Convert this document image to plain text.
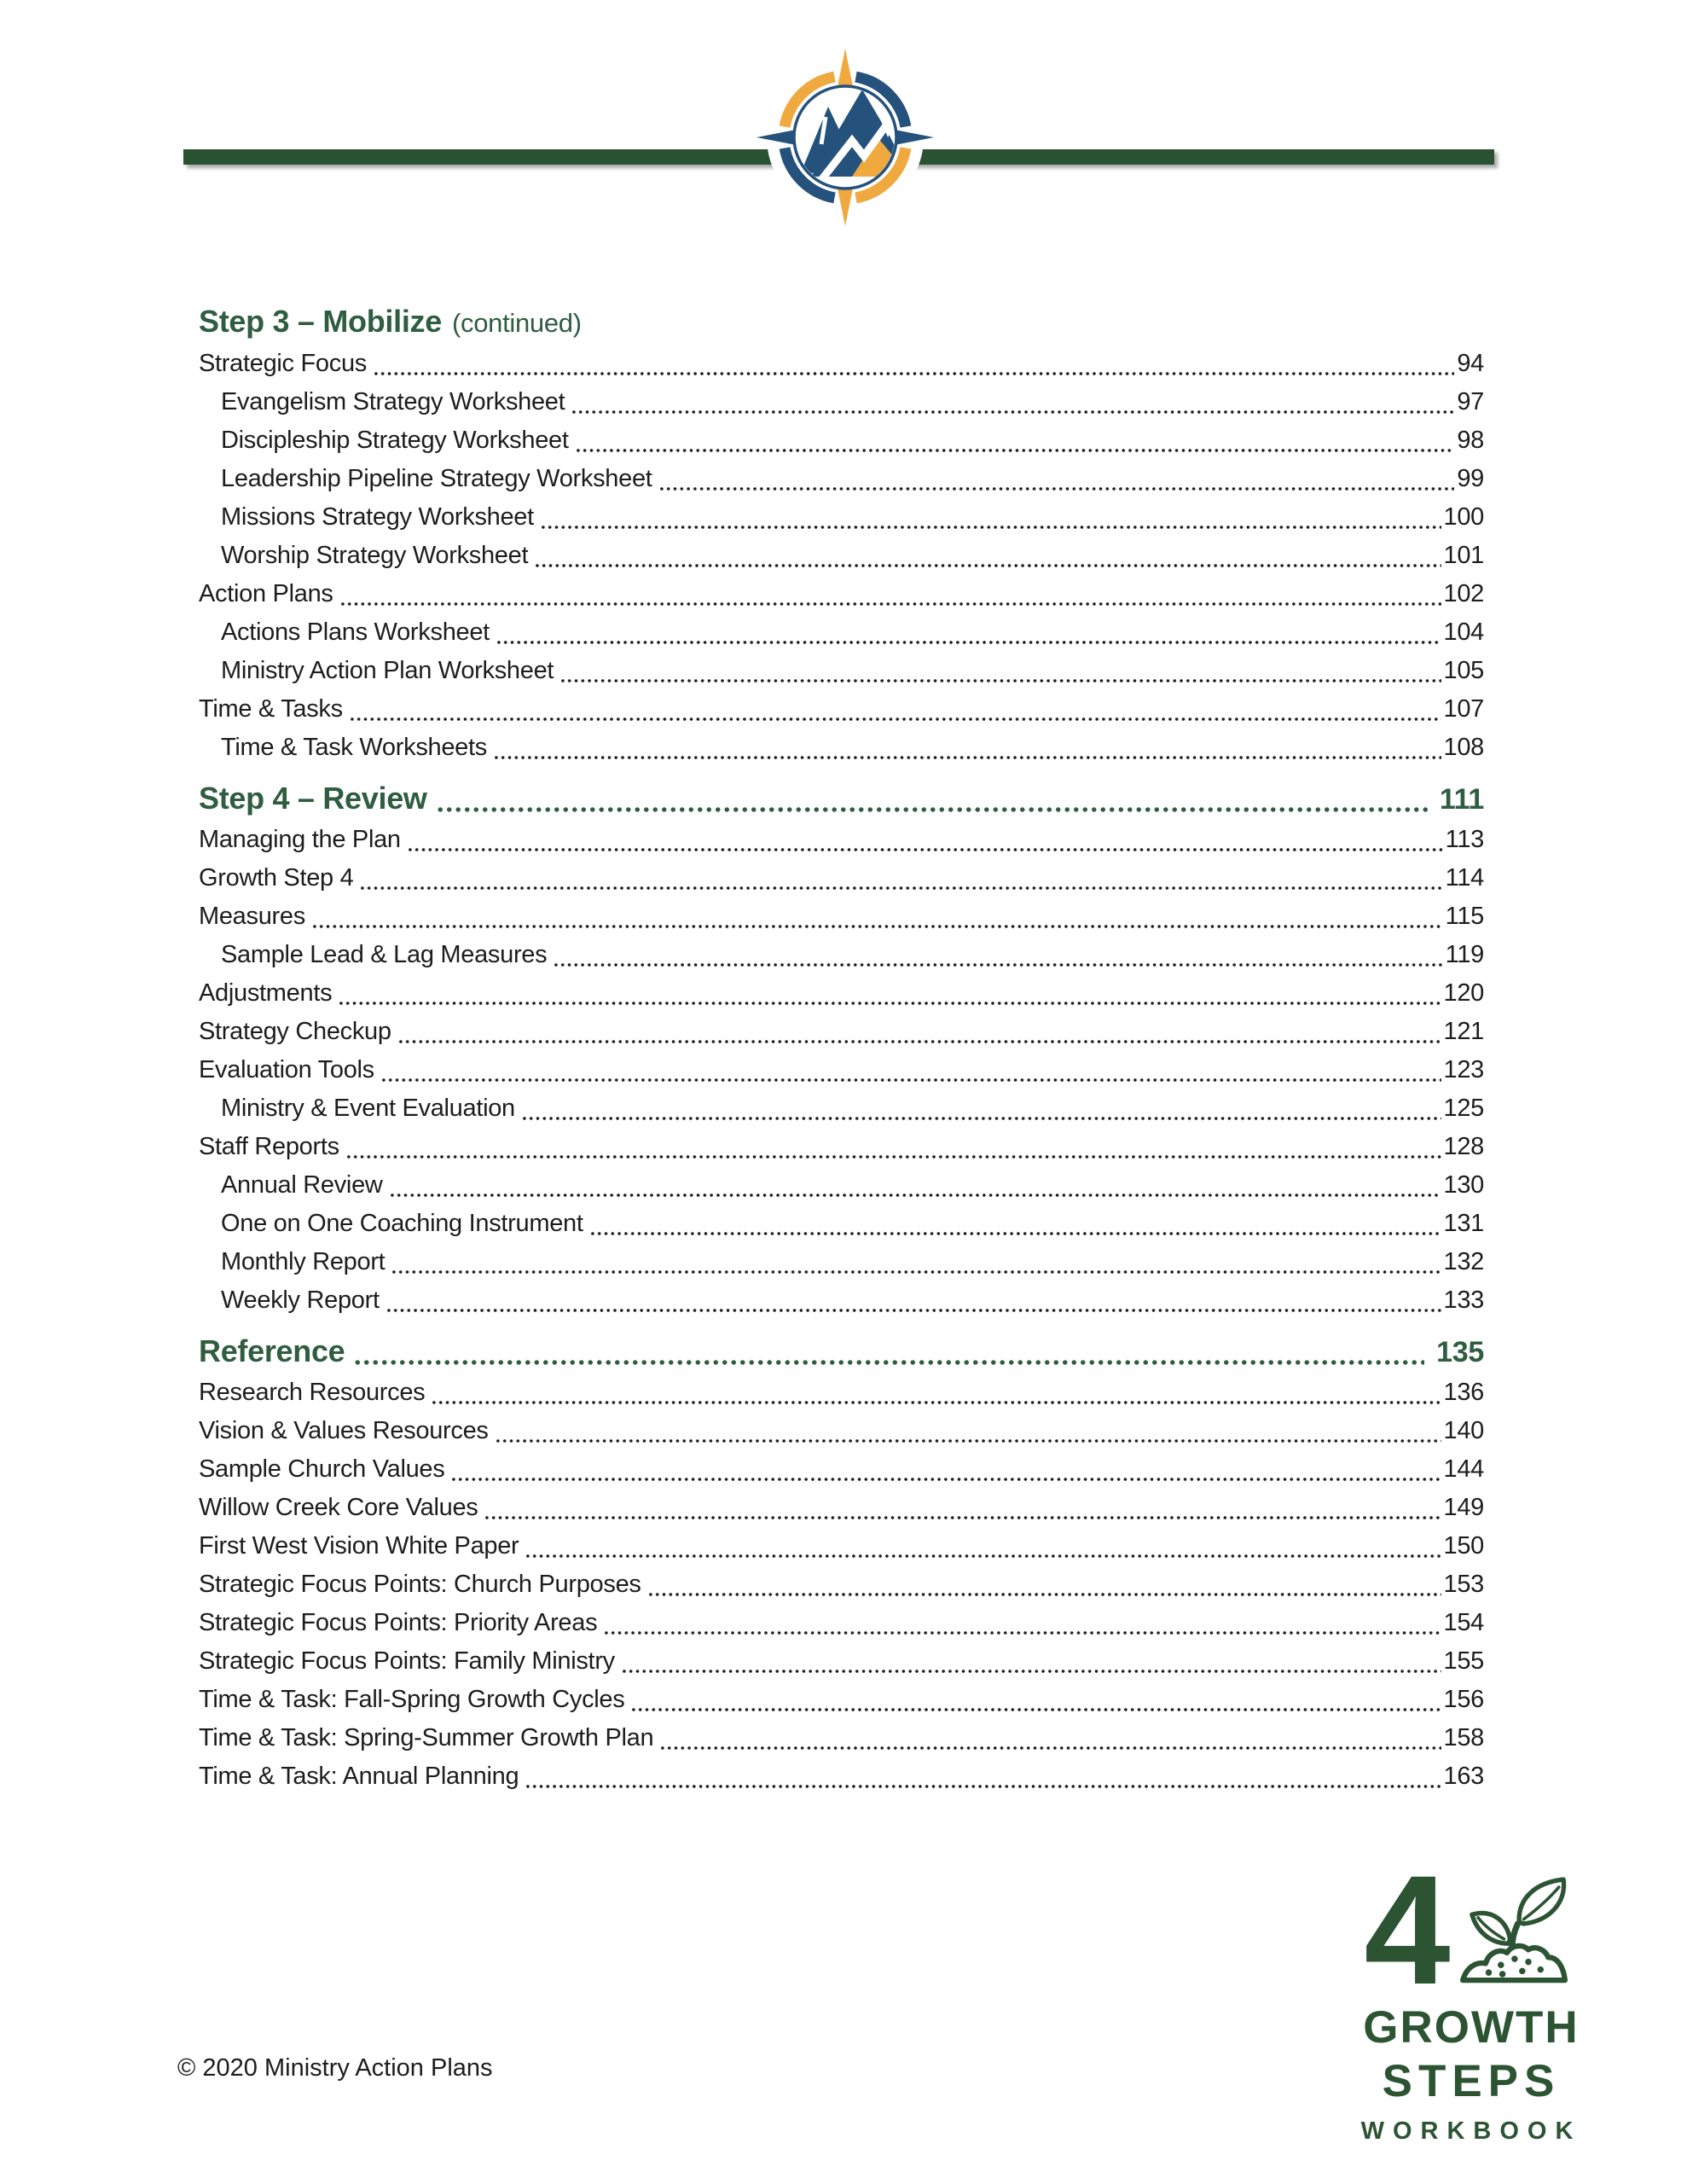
Step 3 – Mobilize (continued)
Strategic Focus	94
Evangelism Strategy Worksheet	97
Discipleship Strategy Worksheet	98
Leadership Pipeline Strategy Worksheet	99
Missions Strategy Worksheet	100
Worship Strategy Worksheet	101
Action Plans	102
Actions Plans Worksheet	104
Ministry Action Plan Worksheet	105
Time & Tasks	107
Time & Task Worksheets	108
Step 4 – Review	111
Managing the Plan	113
Growth Step 4	114
Measures	115
Sample Lead & Lag Measures	119
Adjustments	120
Strategy Checkup	121
Evaluation Tools	123
Ministry & Event Evaluation	125
Staff Reports	128
Annual Review	130
One on One Coaching Instrument	131
Monthly Report	132
Weekly Report	133
Reference	135
Research Resources	136
Vision & Values Resources	140
Sample Church Values	144
Willow Creek Core Values	149
First West Vision White Paper	150
Strategic Focus Points: Church Purposes	153
Strategic Focus Points: Priority Areas	154
Strategic Focus Points: Family Ministry	155
Time & Task: Fall-Spring Growth Cycles	156
Time & Task: Spring-Summer Growth Plan	158
Time & Task: Annual Planning	163
4
GROWTH
STEPS
WORKBOOK
© 2020 Ministry Action Plans
